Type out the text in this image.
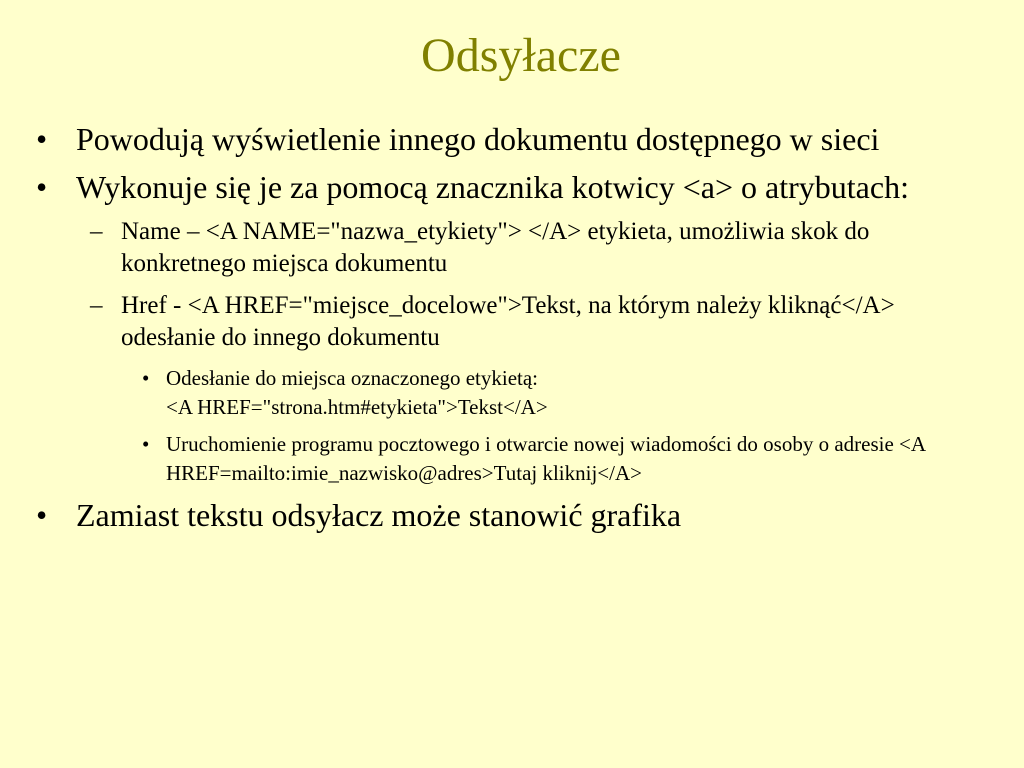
Odsyłacze
• Powodują wyświetlenie innego dokumentu dostępnego w sieci
• Wykonuje się je za pomocą znacznika kotwicy <a> o atrybutach:
– Name – <A NAME="nazwa_etykiety"> </A> etykieta, umożliwia skok do konkretnego miejsca dokumentu
– Href - <A HREF="miejsce_docelowe">Tekst, na którym należy kliknąć</A> odesłanie do innego dokumentu
• Odesłanie do miejsca oznaczonego etykietą:
<A HREF="strona.htm#etykieta">Tekst</A>
• Uruchomienie programu pocztowego i otwarcie nowej wiadomości do osoby o adresie <A HREF=mailto:imie_nazwisko@adres>Tutaj kliknij</A>
• Zamiast tekstu odsyłacz może stanowić grafika
